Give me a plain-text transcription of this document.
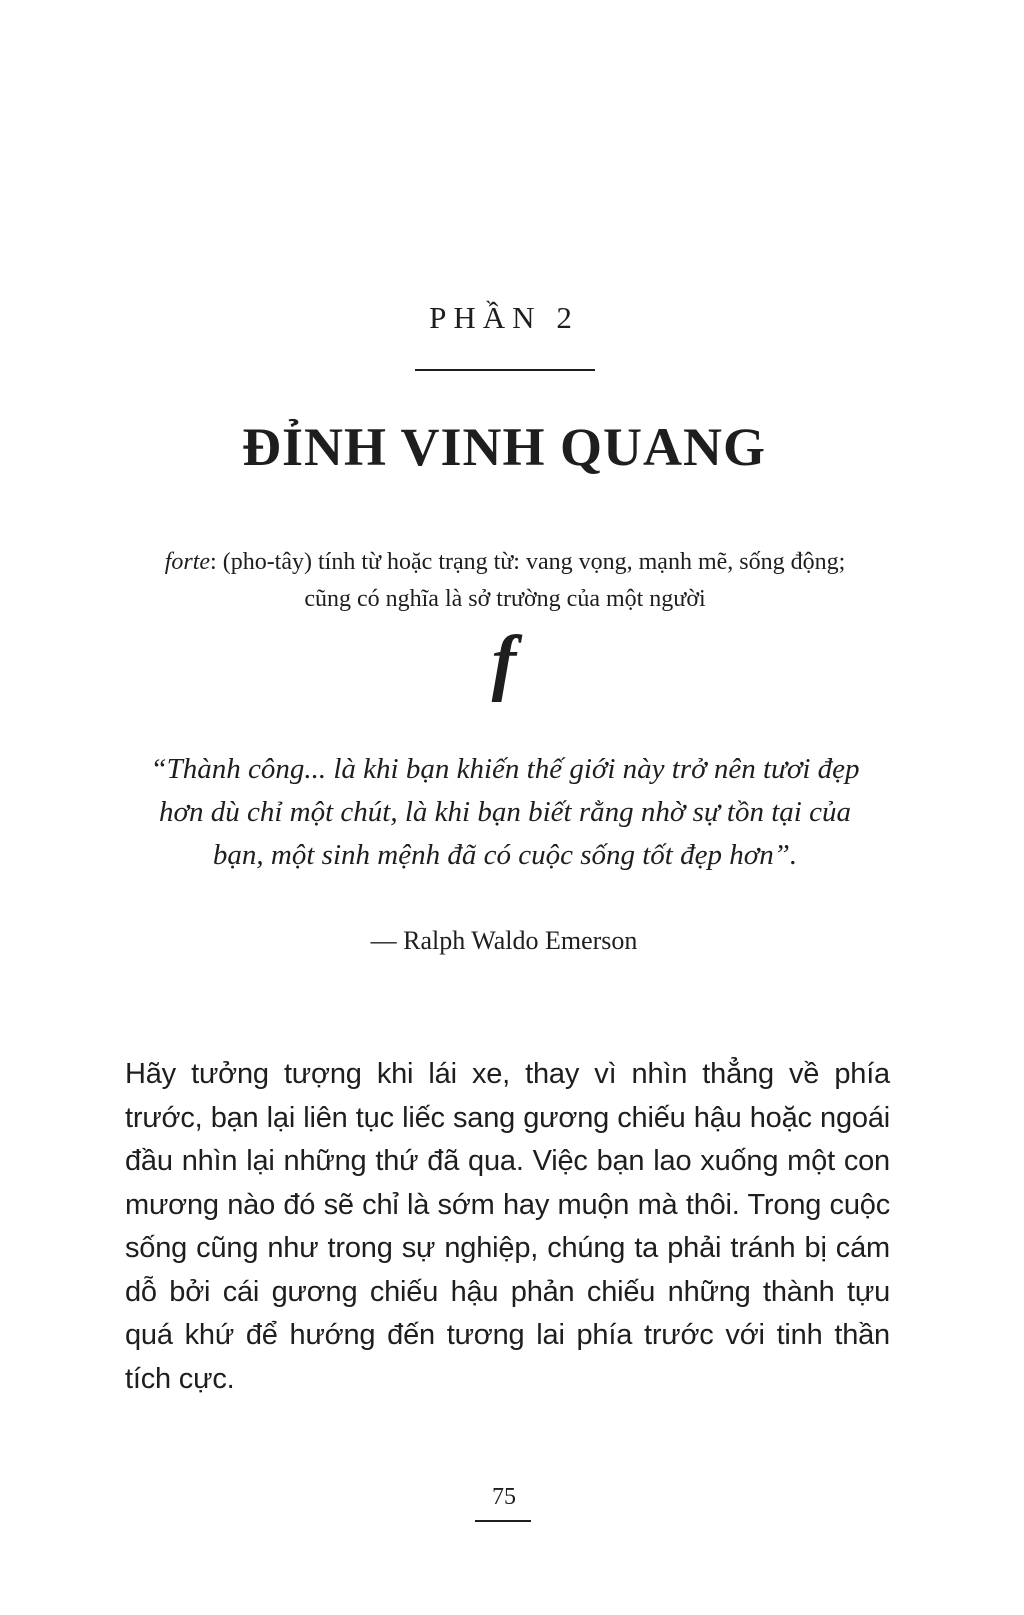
PHẦN 2
ĐỈNH VINH QUANG
forte: (pho-tây) tính từ hoặc trạng từ: vang vọng, mạnh mẽ, sống động; cũng có nghĩa là sở trường của một người
f
“Thành công... là khi bạn khiến thế giới này trở nên tươi đẹp hơn dù chỉ một chút, là khi bạn biết rằng nhờ sự tồn tại của bạn, một sinh mệnh đã có cuộc sống tốt đẹp hơn”.
— Ralph Waldo Emerson
Hãy tưởng tượng khi lái xe, thay vì nhìn thẳng về phía trước, bạn lại liên tục liếc sang gương chiếu hậu hoặc ngoái đầu nhìn lại những thứ đã qua. Việc bạn lao xuống một con mương nào đó sẽ chỉ là sớm hay muộn mà thôi. Trong cuộc sống cũng như trong sự nghiệp, chúng ta phải tránh bị cám dỗ bởi cái gương chiếu hậu phản chiếu những thành tựu quá khứ để hướng đến tương lai phía trước với tinh thần tích cực.
75
